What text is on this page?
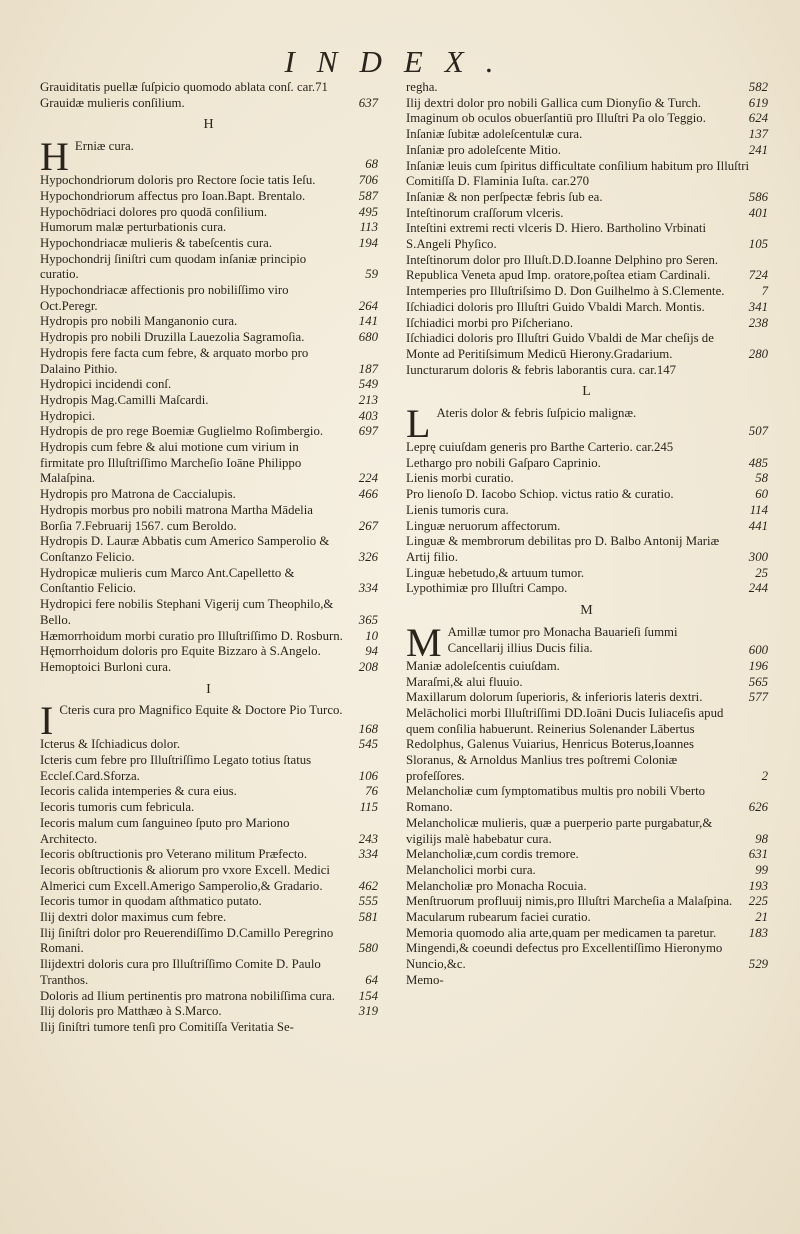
INDEX.
Grauiditatis puellæ ſuſpicio quomodo ablata conſ. car.71
Grauidæ mulieris conſilium.	637
H
H Erniæ cura.
68
Hypochondriorum doloris pro Rectore ſocie tatis Ieſu.	706
Hypochondriorum affectus pro Ioan.Bapt. Brentalo.	587
Hypochōdriaci dolores pro quodā conſilium.	495
Humorum malæ perturbationis cura.	113
Hypochondriacæ mulieris & tabeſcentis cura.	194
Hypochondrij ſiniſtri cum quodam inſaniæ principio curatio.	59
Hypochondriacæ affectionis pro nobiliſſimo viro Oct.Peregr.	264
Hydropis pro nobili Manganonio cura.	141
Hydropis pro nobili Druzilla Lauezolia Sagramoſia.	680
Hydropis fere facta cum febre, & arquato morbo pro Dalaino Pithio.	187
Hydropici incidendi conſ.	549
Hydropis Mag.Camilli Maſcardi.	213
Hydropici.	403
Hydropis de pro rege Boemiæ Guglielmo Roſimbergio.	697
Hydropis cum febre & alui motione cum virium in firmitate pro Illuſtriſſimo Marcheſio Ioāne Philippo Malaſpina.	224
Hydropis pro Matrona de Caccialupis.	466
Hydropis morbus pro nobili matrona Martha Mādelia Borſia 7.Februarij 1567. cum Beroldo.	267
Hydropis D. Lauræ Abbatis cum Americo Samperolio & Conſtanzo Felicio.	326
Hydropicæ mulieris cum Marco Ant.Capelletto & Conſtantio Felicio.	334
Hydropici fere nobilis Stephani Vigerij cum Theophilo,& Bello.	365
Hæmorrhoidum morbi curatio pro Illuſtriſſimo D. Rosburn.	10
Hęmorrhoidum doloris pro Equite Bizzaro à S.Angelo.	94
Hemoptoici Burloni cura.	208
I
I Cteris cura pro Magnifico Equite & Doctore Pio Turco.
168
Icterus & Iſchiadicus dolor.	545
Icteris cum febre pro Illuſtriſſimo Legato totius ſtatus Eccleſ.Card.Sforza.	106
Iecoris calida intemperies & cura eius.	76
Iecoris tumoris cum febricula.	115
Iecoris malum cum ſanguineo ſputo pro Mariono Architecto.	243
Iecoris obſtructionis pro Veterano militum Præfecto.	334
Iecoris obſtructionis & aliorum pro vxore Excell. Medici Almerici cum Excell.Amerigo Samperolio,& Gradario.	462
Iecoris tumor in quodam aſthmatico putato.	555
Ilij dextri dolor maximus cum febre.	581
Ilij ſiniſtri dolor pro Reuerendiſſimo D.Camillo Peregrino Romani.	580
Ilijdextri doloris cura pro Illuſtriſſimo Comite D. Paulo Tranthos.	64
Doloris ad Ilium pertinentis pro matrona nobiliſſima cura.	154
Ilij doloris pro Matthæo à S.Marco.	319
Ilij ſiniſtri tumore tenſi pro Comitiſſa Veritatia Se-
regha.	582
Ilij dextri dolor pro nobili Gallica cum Dionyſio & Turch.	619
Imaginum ob oculos obuerſantiū pro Illuſtri Pa olo Teggio.	624
Inſaniæ ſubitæ adoleſcentulæ cura.	137
Inſaniæ pro adoleſcente Mitio.	241
Inſaniæ leuis cum ſpiritus difficultate conſilium habitum pro Illuſtri Comitiſſa D. Flaminia Iuſta. car.270
Inſaniæ & non perſpectæ febris ſub ea.	586
Inteſtinorum craſſorum vlceris.	401
Inteſtini extremi recti vlceris D. Hiero. Bartholino Vrbinati S.Angeli Phyſico.	105
Inteſtinorum dolor pro Illuſt.D.D.Ioanne Delphino pro Seren. Republica Veneta apud Imp. oratore,poſtea etiam Cardinali.	724
Intemperies pro Illuſtriſsimo D. Don Guilhelmo à S.Clemente.	7
Iſchiadici doloris pro Illuſtri Guido Vbaldi March. Montis.	341
Iſchiadici morbi pro Piſcheriano.	238
Iſchiadici doloris pro Illuſtri Guido Vbaldi de Mar cheſijs de Monte ad Peritiſsimum Medicū Hierony.Gradarium.	280
Iuncturarum doloris & febris laborantis cura. car.147
L
L Ateris dolor & febris ſuſpicio malignæ.
507
Leprę cuiuſdam generis pro Barthe Carterio. car.245
Lethargo pro nobili Gaſparo Caprinio.	485
Lienis morbi curatio.	58
Pro lienoſo D. Iacobo Schiop. victus ratio & curatio.	60
Lienis tumoris cura.	114
Linguæ neruorum affectorum.	441
Linguæ & membrorum debilitas pro D. Balbo Antonij Mariæ Artij filio.	300
Linguæ hebetudo,& artuum tumor.	25
Lypothimiæ pro Illuſtri Campo.	244
M
M Amillæ tumor pro Monacha Bauarieſi ſummi Cancellarij illius Ducis filia.	600
Maniæ adoleſcentis cuiuſdam.	196
Maraſmi,& alui fluuio.	565
Maxillarum dolorum ſuperioris, & inferioris lateris dextri.	577
Melācholici morbi Illuſtriſſimi DD.Ioāni Ducis Iuliaceſis apud quem conſilia habuerunt. Reinerius Solenander Lābertus Redolphus, Galenus Vuiarius, Henricus Boterus,Ioannes Sloranus, & Arnoldus Manlius tres poſtremi Coloniæ profeſſores.	2
Melancholiæ cum ſymptomatibus multis pro nobili Vberto Romano.	626
Melancholicæ mulieris, quæ a puerperio parte purgabatur,& vigilijs malè habebatur cura.	98
Melancholiæ,cum cordis tremore.	631
Melancholici morbi cura.	99
Melancholiæ pro Monacha Rocuia.	193
Menſtruorum profluuij nimis,pro Illuſtri Marcheſia a Malaſpina.	225
Macularum rubearum faciei curatio.	21
Memoria quomodo alia arte,quam per medicamen ta paretur.	183
Mingendi,& coeundi defectus pro Excellentiſſimo Hieronymo Nuncio,&c.	529
Memo-
